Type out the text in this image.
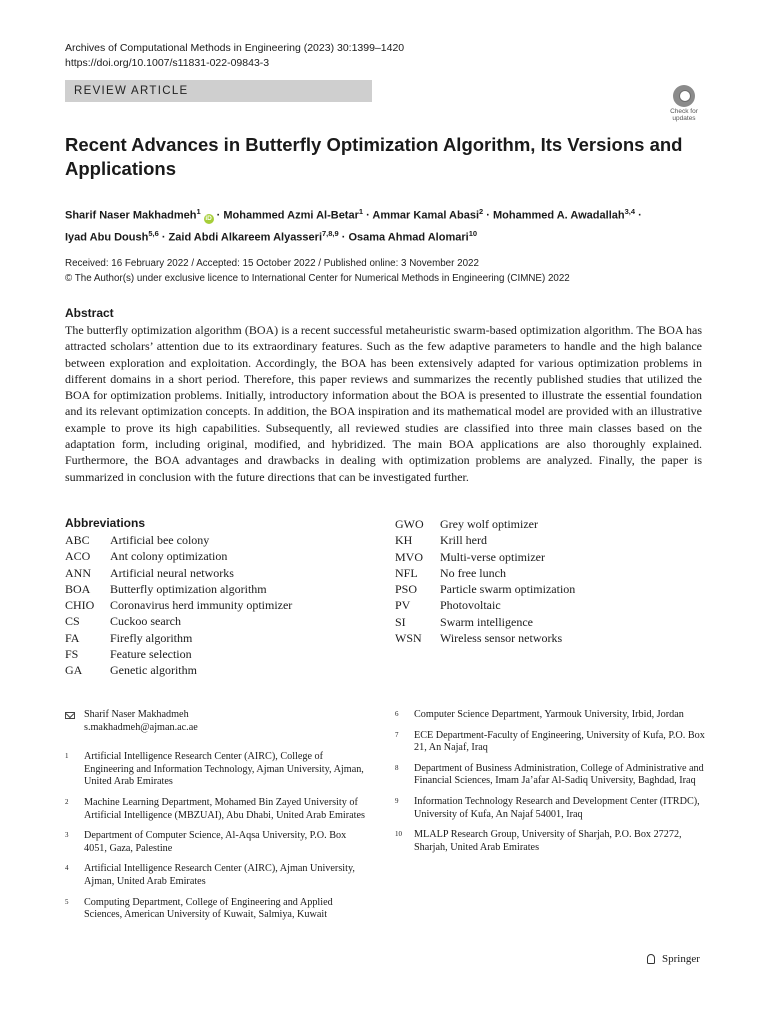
Archives of Computational Methods in Engineering (2023) 30:1399–1420
https://doi.org/10.1007/s11831-022-09843-3
REVIEW ARTICLE
Check for updates
Recent Advances in Butterfly Optimization Algorithm, Its Versions and Applications
Sharif Naser Makhadmeh$^1$iD · Mohammed Azmi Al-Betar$^1$ · Ammar Kamal Abasi$^2$ · Mohammed A. Awadallah$^{3,4}$ ·
Iyad Abu Doush$^{5,6}$ · Zaid Abdi Alkareem Alyasseri$^{7,8,9}$ · Osama Ahmad Alomari$^{10}$
Received: 16 February 2022 / Accepted: 15 October 2022 / Published online: 3 November 2022
© The Author(s) under exclusive licence to International Center for Numerical Methods in Engineering (CIMNE) 2022
Abstract

The butterfly optimization algorithm (BOA) is a recent successful metaheuristic swarm-based optimization algorithm. The BOA has attracted scholars’ attention due to its extraordinary features. Such as the few adaptive parameters to handle and the high balance between exploration and exploitation. Accordingly, the BOA has been extensively adapted for various optimization problems in different domains in a short period. Therefore, this paper reviews and summarizes the recently published studies that utilized the BOA for optimization problems. Initially, introductory information about the BOA is presented to illustrate the essential foundation and its relevant optimization concepts. In addition, the BOA inspiration and its mathematical model are provided with an illustrative example to prove its high capabilities. Subsequently, all reviewed studies are classified into three main classes based on the adaptation form, including original, modified, and hybridized. The main BOA applications are also thoroughly explained. Furthermore, the BOA advantages and drawbacks in dealing with optimization problems are analyzed. Finally, the paper is summarized in conclusion with the future directions that can be investigated further.

Abbreviations
ABC	Artificial bee colony
ACO	Ant colony optimization
ANN	Artificial neural networks
BOA	Butterfly optimization algorithm
CHIO	Coronavirus herd immunity optimizer
CS	Cuckoo search
FA	Firefly algorithm
FS	Feature selection
GA	Genetic algorithm
GWO	Grey wolf optimizer
KH	Krill herd
MVO	Multi-verse optimizer
NFL	No free lunch
PSO	Particle swarm optimization
PV	Photovoltaic
SI	Swarm intelligence
WSN	Wireless sensor networks
Sharif Naser Makhadmeh
s.makhadmeh@ajman.ac.ae
1	Artificial Intelligence Research Center (AIRC), College of Engineering and Information Technology, Ajman University, Ajman, United Arab Emirates
2	Machine Learning Department, Mohamed Bin Zayed University of Artificial Intelligence (MBZUAI), Abu Dhabi, United Arab Emirates
3	Department of Computer Science, Al-Aqsa University, P.O. Box 4051, Gaza, Palestine
4	Artificial Intelligence Research Center (AIRC), Ajman University, Ajman, United Arab Emirates
5	Computing Department, College of Engineering and Applied Sciences, American University of Kuwait, Salmiya, Kuwait
6	Computer Science Department, Yarmouk University, Irbid, Jordan
7	ECE Department-Faculty of Engineering, University of Kufa, P.O. Box 21, An Najaf, Iraq
8	Department of Business Administration, College of Administrative and Financial Sciences, Imam Ja’afar Al-Sadiq University, Baghdad, Iraq
9	Information Technology Research and Development Center (ITRDC), University of Kufa, An Najaf 54001, Iraq
10	MLALP Research Group, University of Sharjah, P.O. Box 27272, Sharjah, United Arab Emirates
Springer
